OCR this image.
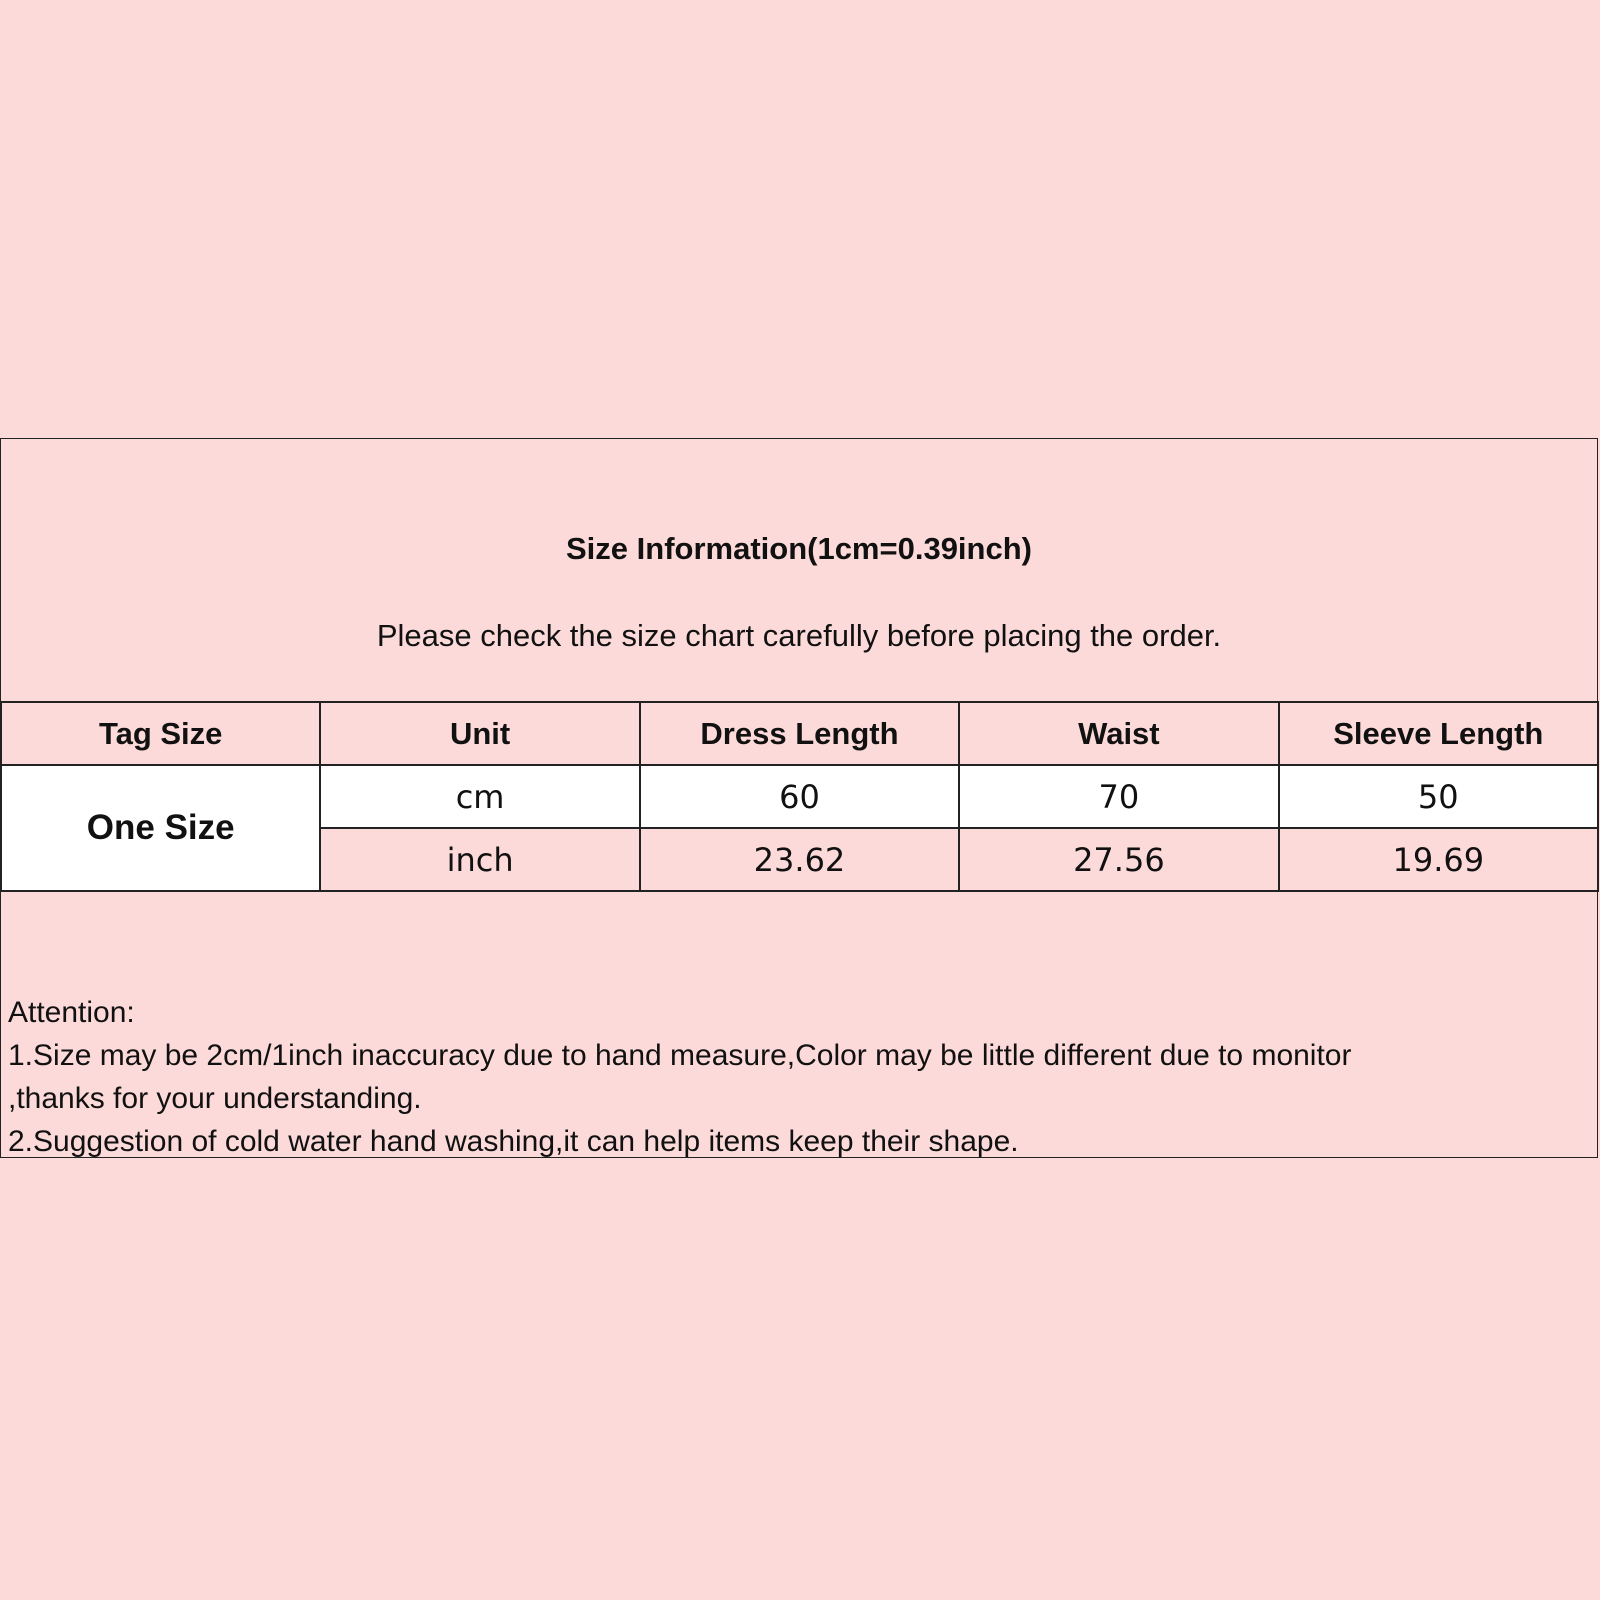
Size Information(1cm=0.39inch)
Please check the size chart carefully before placing the order.
Tag Size	Unit	Dress Length	Waist	Sleeve Length
One Size	cm	60	70	50
	inch	23.62	27.56	19.69
Attention:
1.Size may be 2cm/1inch inaccuracy due to hand measure,Color may be little different due to monitor
,thanks for your understanding.
2.Suggestion of cold water hand washing,it can help items keep their shape.
